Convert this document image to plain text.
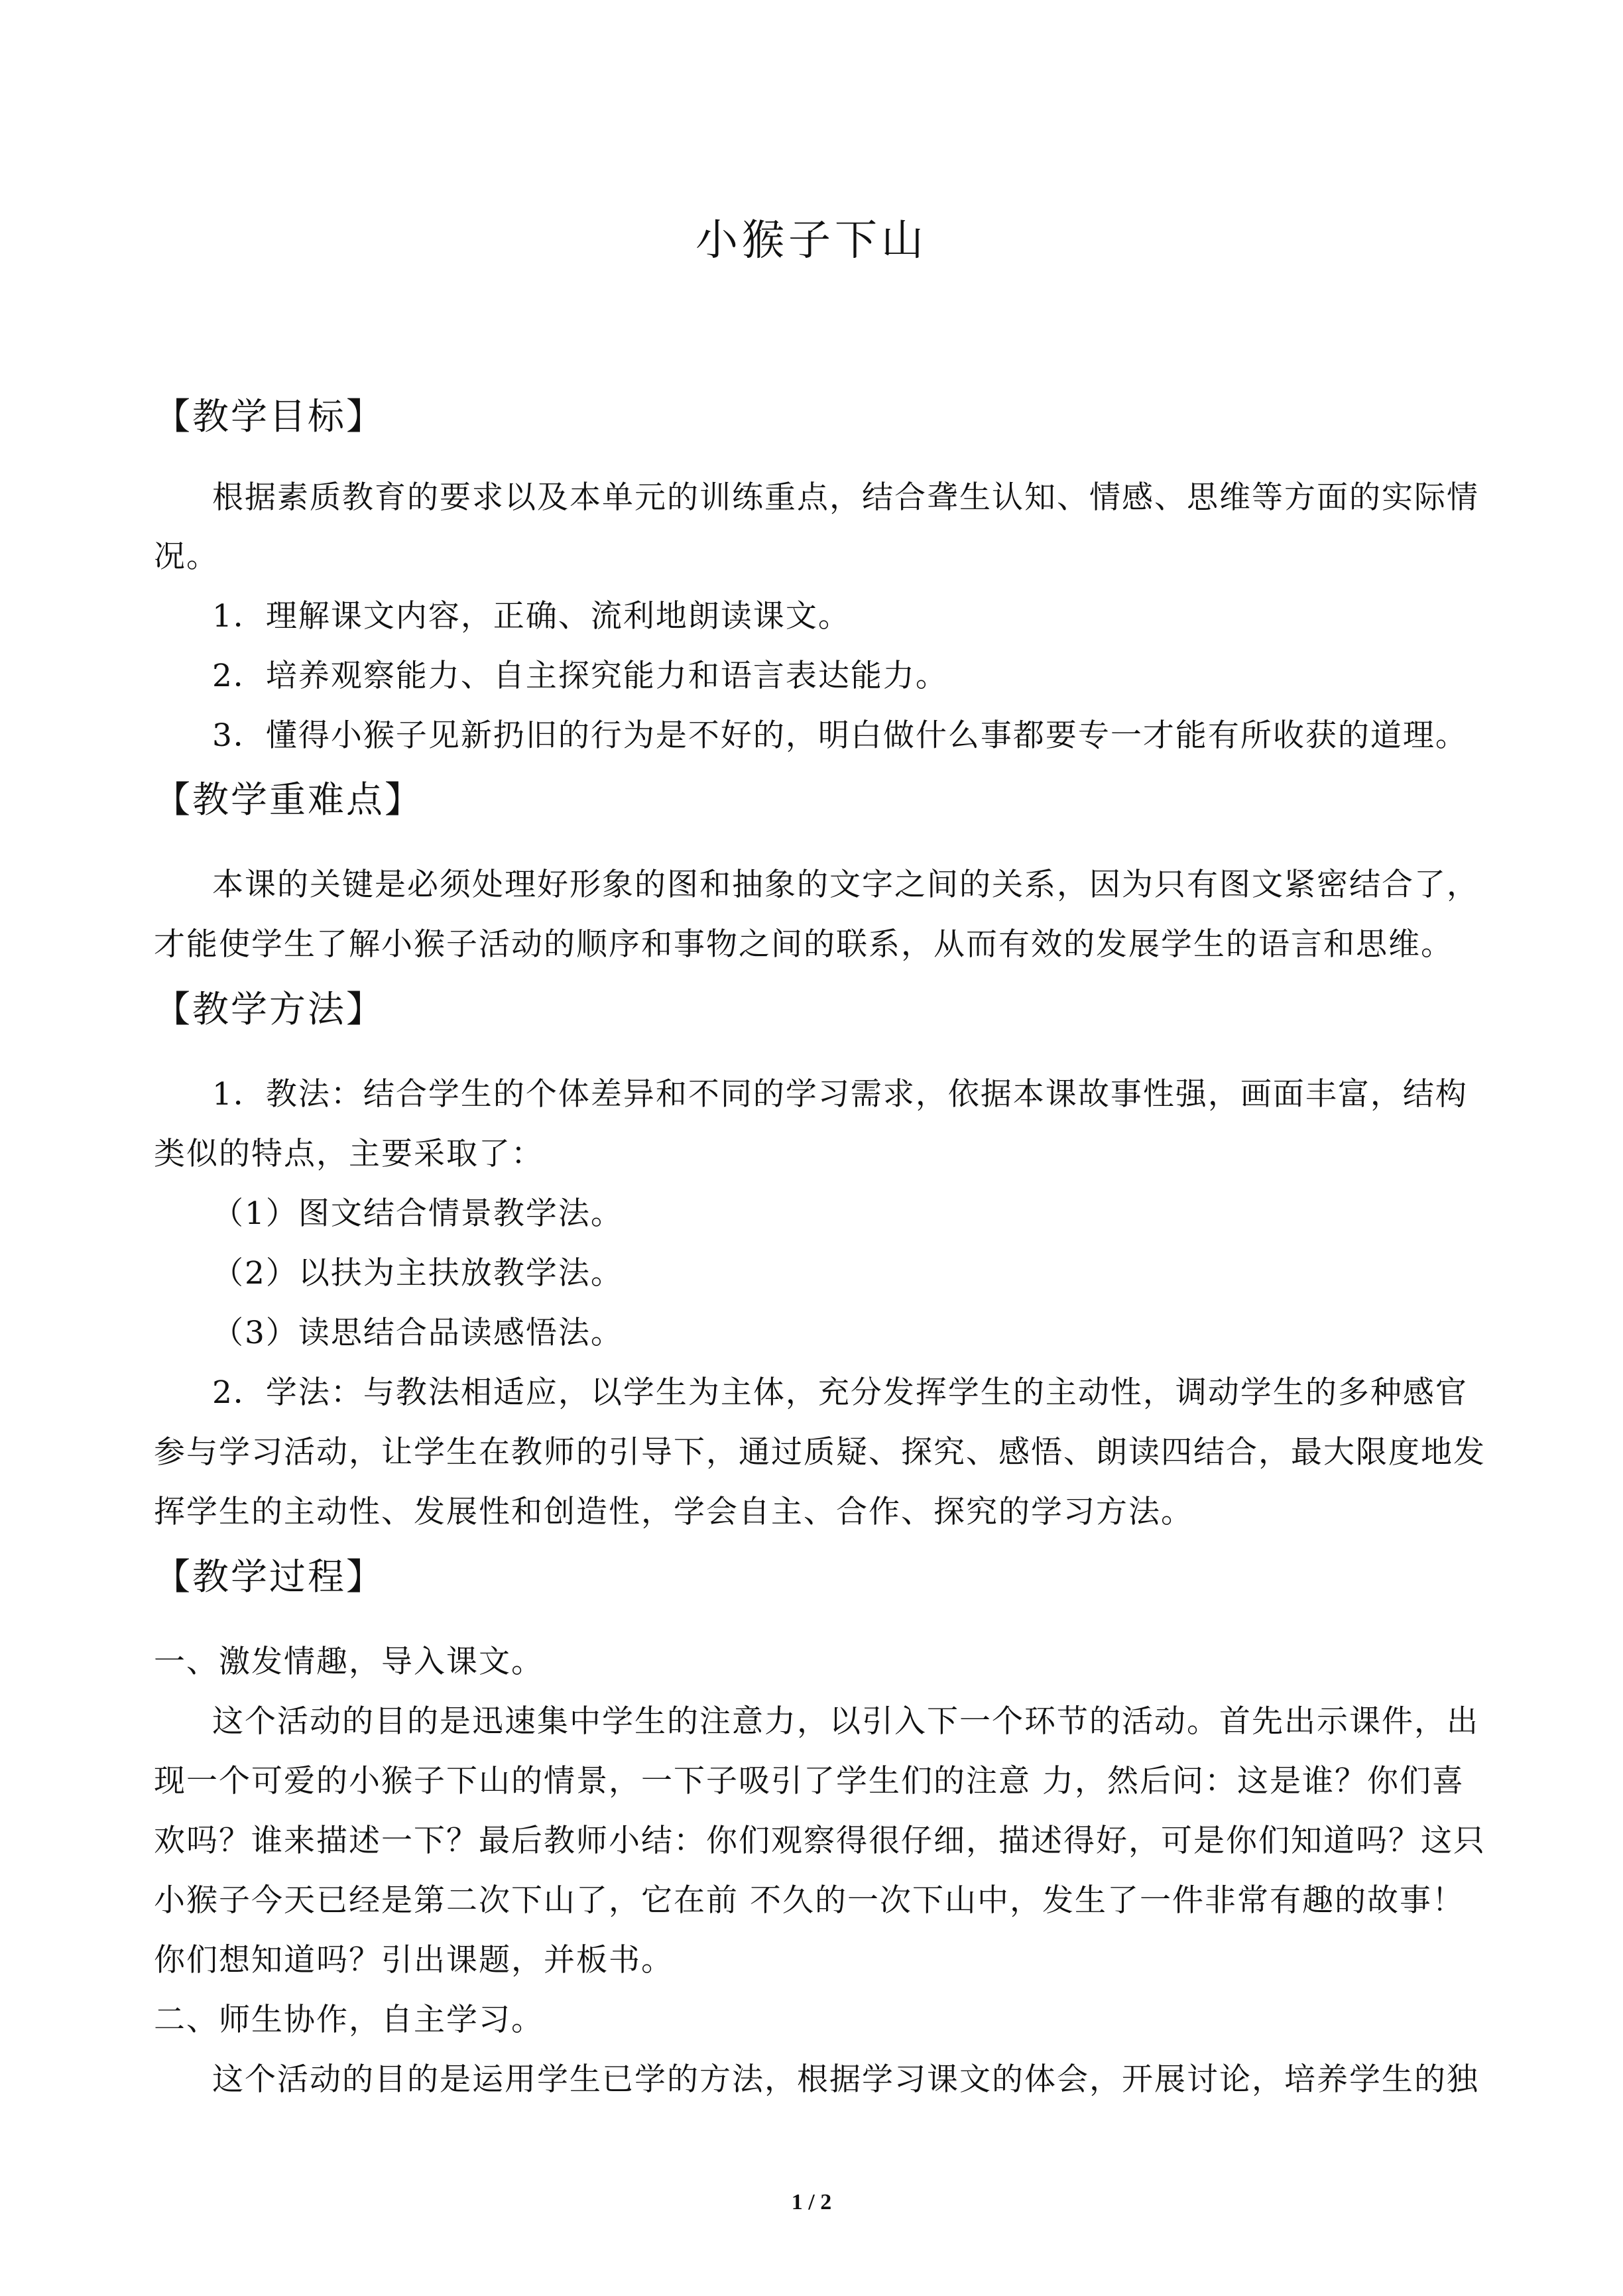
小猴子下山
【教学目标】
根据素质教育的要求以及本单元的训练重点，结合聋生认知、情感、思维等方面的实际情
况。
1．理解课文内容，正确、流利地朗读课文。
2．培养观察能力、自主探究能力和语言表达能力。
3．懂得小猴子见新扔旧的行为是不好的，明白做什么事都要专一才能有所收获的道理。
【教学重难点】
本课的关键是必须处理好形象的图和抽象的文字之间的关系，因为只有图文紧密结合了，
才能使学生了解小猴子活动的顺序和事物之间的联系，从而有效的发展学生的语言和思维。
【教学方法】
1．教法：结合学生的个体差异和不同的学习需求，依据本课故事性强，画面丰富，结构
类似的特点，主要采取了：
（1）图文结合情景教学法。
（2）以扶为主扶放教学法。
（3）读思结合品读感悟法。
2．学法：与教法相适应，以学生为主体，充分发挥学生的主动性，调动学生的多种感官
参与学习活动，让学生在教师的引导下，通过质疑、探究、感悟、朗读四结合，最大限度地发
挥学生的主动性、发展性和创造性，学会自主、合作、探究的学习方法。
【教学过程】
一、激发情趣，导入课文。
这个活动的目的是迅速集中学生的注意力，以引入下一个环节的活动。首先出示课件，出
现一个可爱的小猴子下山的情景，一下子吸引了学生们的注意 力，然后问：这是谁？你们喜
欢吗？谁来描述一下？最后教师小结：你们观察得很仔细，描述得好，可是你们知道吗？这只
小猴子今天已经是第二次下山了，它在前 不久的一次下山中，发生了一件非常有趣的故事！
你们想知道吗？引出课题，并板书。
二、师生协作，自主学习。
这个活动的目的是运用学生已学的方法，根据学习课文的体会，开展讨论，培养学生的独
1 / 2
